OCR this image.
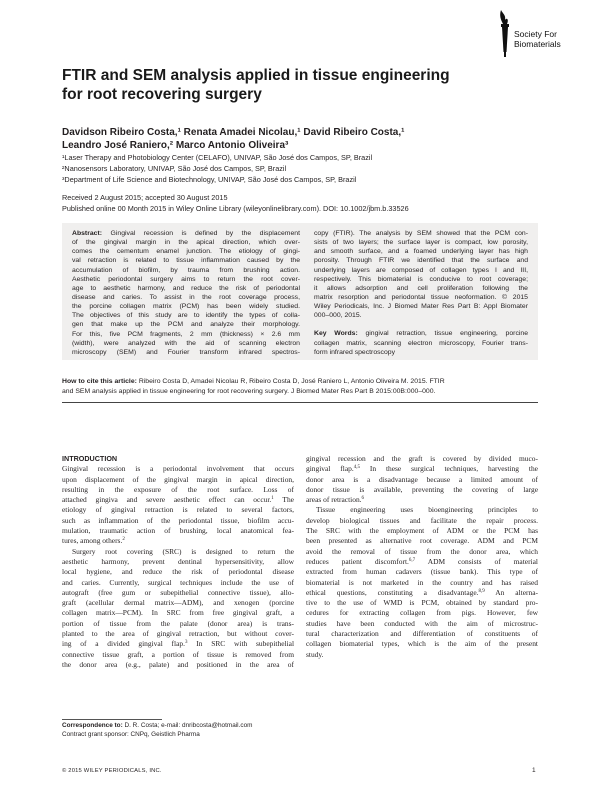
Society For
Biomaterials
FTIR and SEM analysis applied in tissue engineering
for root recovering surgery
Davidson Ribeiro Costa,¹ Renata Amadei Nicolau,¹ David Ribeiro Costa,¹
Leandro José Raniero,² Marco Antonio Oliveira³
¹Laser Therapy and Photobiology Center (CELAFO), UNIVAP, São José dos Campos, SP, Brazil
²Nanosensors Laboratory, UNIVAP, São José dos Campos, SP, Brazil
³Department of Life Science and Biotechnology, UNIVAP, São José dos Campos, SP, Brazil
Received 2 August 2015; accepted 30 August 2015
Published online 00 Month 2015 in Wiley Online Library (wileyonlinelibrary.com). DOI: 10.1002/jbm.b.33526
Abstract: Gingival recession is defined by the displacement
of the gingival margin in the apical direction, which over-
comes the cementum enamel junction. The etiology of gingi-
val retraction is related to tissue inflammation caused by the
accumulation of biofilm, by trauma from brushing action.
Aesthetic periodontal surgery aims to return the root cover-
age to aesthetic harmony, and reduce the risk of periodontal
disease and caries. To assist in the root coverage process,
the porcine collagen matrix (PCM) has been widely studied.
The objectives of this study are to identify the types of colla-
gen that make up the PCM and analyze their morphology.
For this, five PCM fragments, 2 mm (thickness) × 2.6 mm
(width), were analyzed with the aid of scanning electron
microscopy (SEM) and Fourier transform infrared spectros-
copy (FTIR). The analysis by SEM showed that the PCM con-
sists of two layers; the surface layer is compact, low porosity,
and smooth surface, and a foamed underlying layer has high
porosity. Through FTIR we identified that the surface and
underlying layers are composed of collagen types I and III,
respectively. This biomaterial is conducive to root coverage;
it allows adsorption and cell proliferation following the
matrix resorption and periodontal tissue neoformation. © 2015
Wiley Periodicals, Inc. J Biomed Mater Res Part B: Appl Biomater
000–000, 2015.
Key Words: gingival retraction, tissue engineering, porcine
collagen matrix, scanning electron microscopy, Fourier trans-
form infrared spectroscopy
How to cite this article: Ribeiro Costa D, Amadei Nicolau R, Ribeiro Costa D, José Raniero L, Antonio Oliveira M. 2015. FTIR
and SEM analysis applied in tissue engineering for root recovering surgery. J Biomed Mater Res Part B 2015:00B:000–000.
INTRODUCTION
Gingival recession is a periodontal involvement that occurs
upon displacement of the gingival margin in apical direction,
resulting in the exposure of the root surface. Loss of
attached gingiva and severe aesthetic effect can occur.$^1$ The
etiology of gingival retraction is related to several factors,
such as inflammation of the periodontal tissue, biofilm accu-
mulation, traumatic action of brushing, local anatomical fea-
tures, among others.$^2$
Surgery root covering (SRC) is designed to return the
aesthetic harmony, prevent dentinal hypersensitivity, allow
local hygiene, and reduce the risk of periodontal disease
and caries. Currently, surgical techniques include the use of
autograft (free gum or subepithelial connective tissue), allo-
graft (acellular dermal matrix—ADM), and xenogen (porcine
collagen matrix—PCM). In SRC from free gingival graft, a
portion of tissue from the palate (donor area) is trans-
planted to the area of gingival retraction, but without cover-
ing of a divided gingival flap.$^3$ In SRC with subepithelial
connective tissue graft, a portion of tissue is removed from
the donor area (e.g., palate) and positioned in the area of
gingival recession and the graft is covered by divided muco-
gingival flap.$^{4,5}$ In these surgical techniques, harvesting the
donor area is a disadvantage because a limited amount of
donor tissue is available, preventing the covering of large
areas of retraction.$^6$
Tissue engineering uses bioengineering principles to
develop biological tissues and facilitate the repair process.
The SRC with the employment of ADM or the PCM has
been presented as alternative root coverage. ADM and PCM
avoid the removal of tissue from the donor area, which
reduces patient discomfort.$^{6,7}$ ADM consists of material
extracted from human cadavers (tissue bank). This type of
biomaterial is not marketed in the country and has raised
ethical questions, constituting a disadvantage.$^{8,9}$ An alterna-
tive to the use of WMD is PCM, obtained by standard pro-
cedures for extracting collagen from pigs. However, few
studies have been conducted with the aim of microstruc-
tural characterization and differentiation of constituents of
collagen biomaterial types, which is the aim of the present
study.
Correspondence to: D. R. Costa; e-mail: dnribcosta@hotmail.com
Contract grant sponsor: CNPq, Geistlich Pharma
© 2015 WILEY PERIODICALS, INC.	1
